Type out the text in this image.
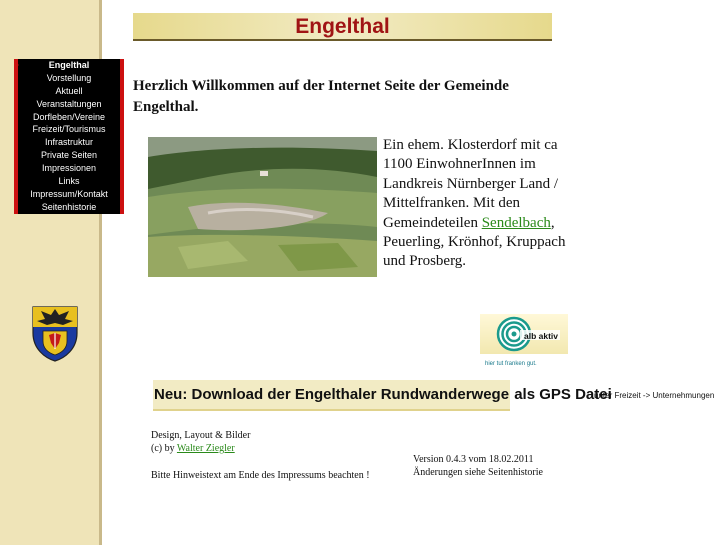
Engelthal
Vorstellung
Aktuell
Veranstaltungen
Dorfleben/Vereine
Freizeit/Tourismus
Infrastruktur
Private Seiten
Impressionen
Links
Impressum/Kontakt
Seitenhistorie
Engelthal
Herzlich Willkommen auf der Internet Seite der Gemeinde Engelthal.
Ein ehem. Klosterdorf mit ca 1100 EinwohnerInnen im Landkreis Nürnberger Land / Mittelfranken. Mit den Gemeindeteilen Sendelbach, Peuerling, Krönhof, Kruppach und Prosberg.
alb aktiv
hier tut franken gut.
Neu: Download der Engelthaler Rundwanderwege als GPS Datei
unter Freizeit -> Unternehmungen
Design, Layout & Bilder
(c) by Walter Ziegler
Bitte Hinweistext am Ende des Impressums beachten !
Version 0.4.3 vom 18.02.2011
Änderungen siehe Seitenhistorie
